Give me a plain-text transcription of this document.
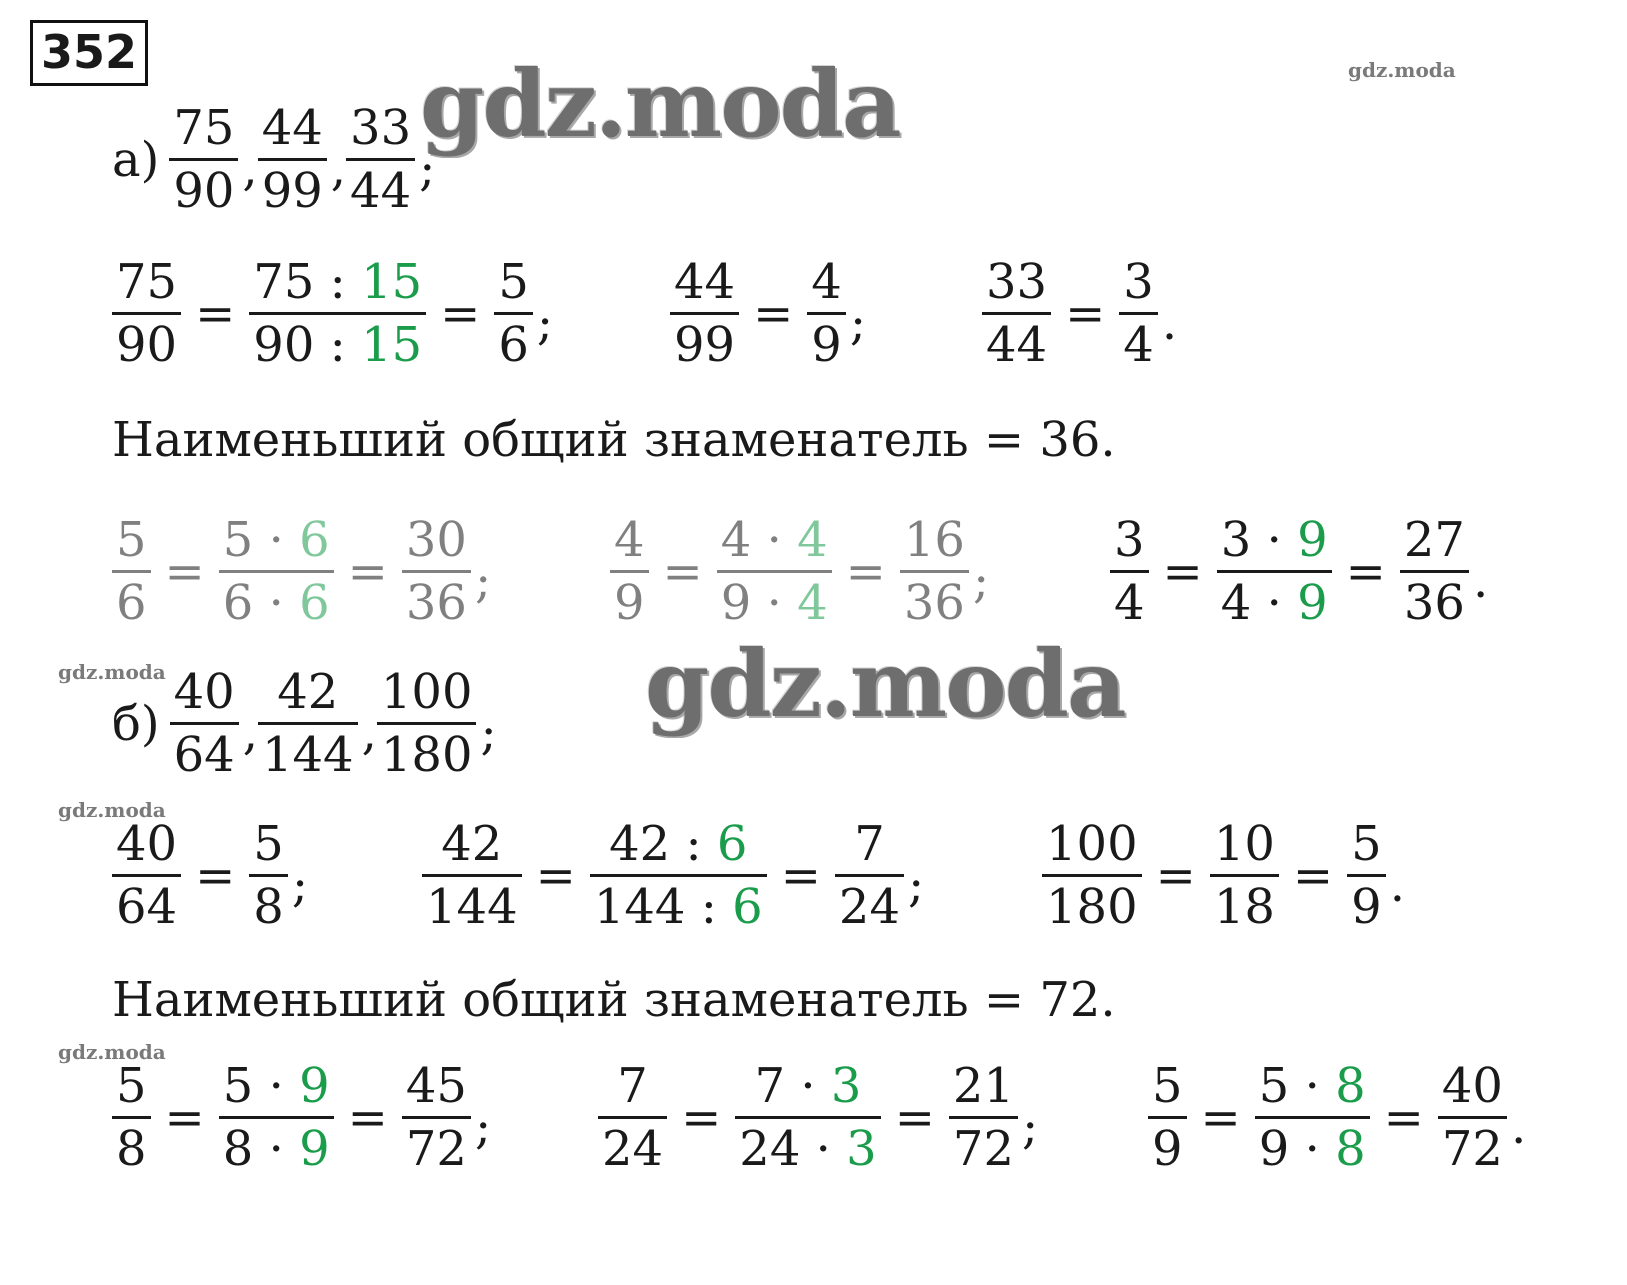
352	gdz.moda
gdz.moda
$а) \frac{75}{90}$ , $\frac{44}{99}$ , $\frac{33}{44}$ ;
$\frac{75}{90} = \frac{75 : 15}{90 : 15} = \frac{5}{6}$ ; $\frac{44}{99} = \frac{4}{9}$ ; $\frac{33}{44} = \frac{3}{4}$ .
Наименьший общий знаменатель = 36.
$\frac{5}{6} = \frac{5 \cdot 6}{6 \cdot 6} = \frac{30}{36}$ ; $\frac{4}{9} = \frac{4 \cdot 4}{9 \cdot 4} = \frac{16}{36}$ ;	$\frac{3}{4} = \frac{3 \cdot 9}{4 \cdot 9} = \frac{27}{36}$ .
gdz.moda	gdz.moda
$б) \frac{40}{64}$ , $\frac{42}{144}$ , $\frac{100}{180}$ ;
gdz.moda
$\frac{40}{64} = \frac{5}{8}$ ; $\frac{42}{144} = \frac{42 : 6}{144 : 6} = \frac{7}{24}$ ; $\frac{100}{180} = \frac{10}{18} = \frac{5}{9}$ .
Наименьший общий знаменатель = 72.
gdz.moda
$\frac{5}{8} = \frac{5 \cdot 9}{8 \cdot 9} = \frac{45}{72}$ ; $\frac{7}{24} = \frac{7 \cdot 3}{24 \cdot 3} = \frac{21}{72}$ ; $\frac{5}{9} = \frac{5 \cdot 8}{9 \cdot 8} = \frac{40}{72}$ .
